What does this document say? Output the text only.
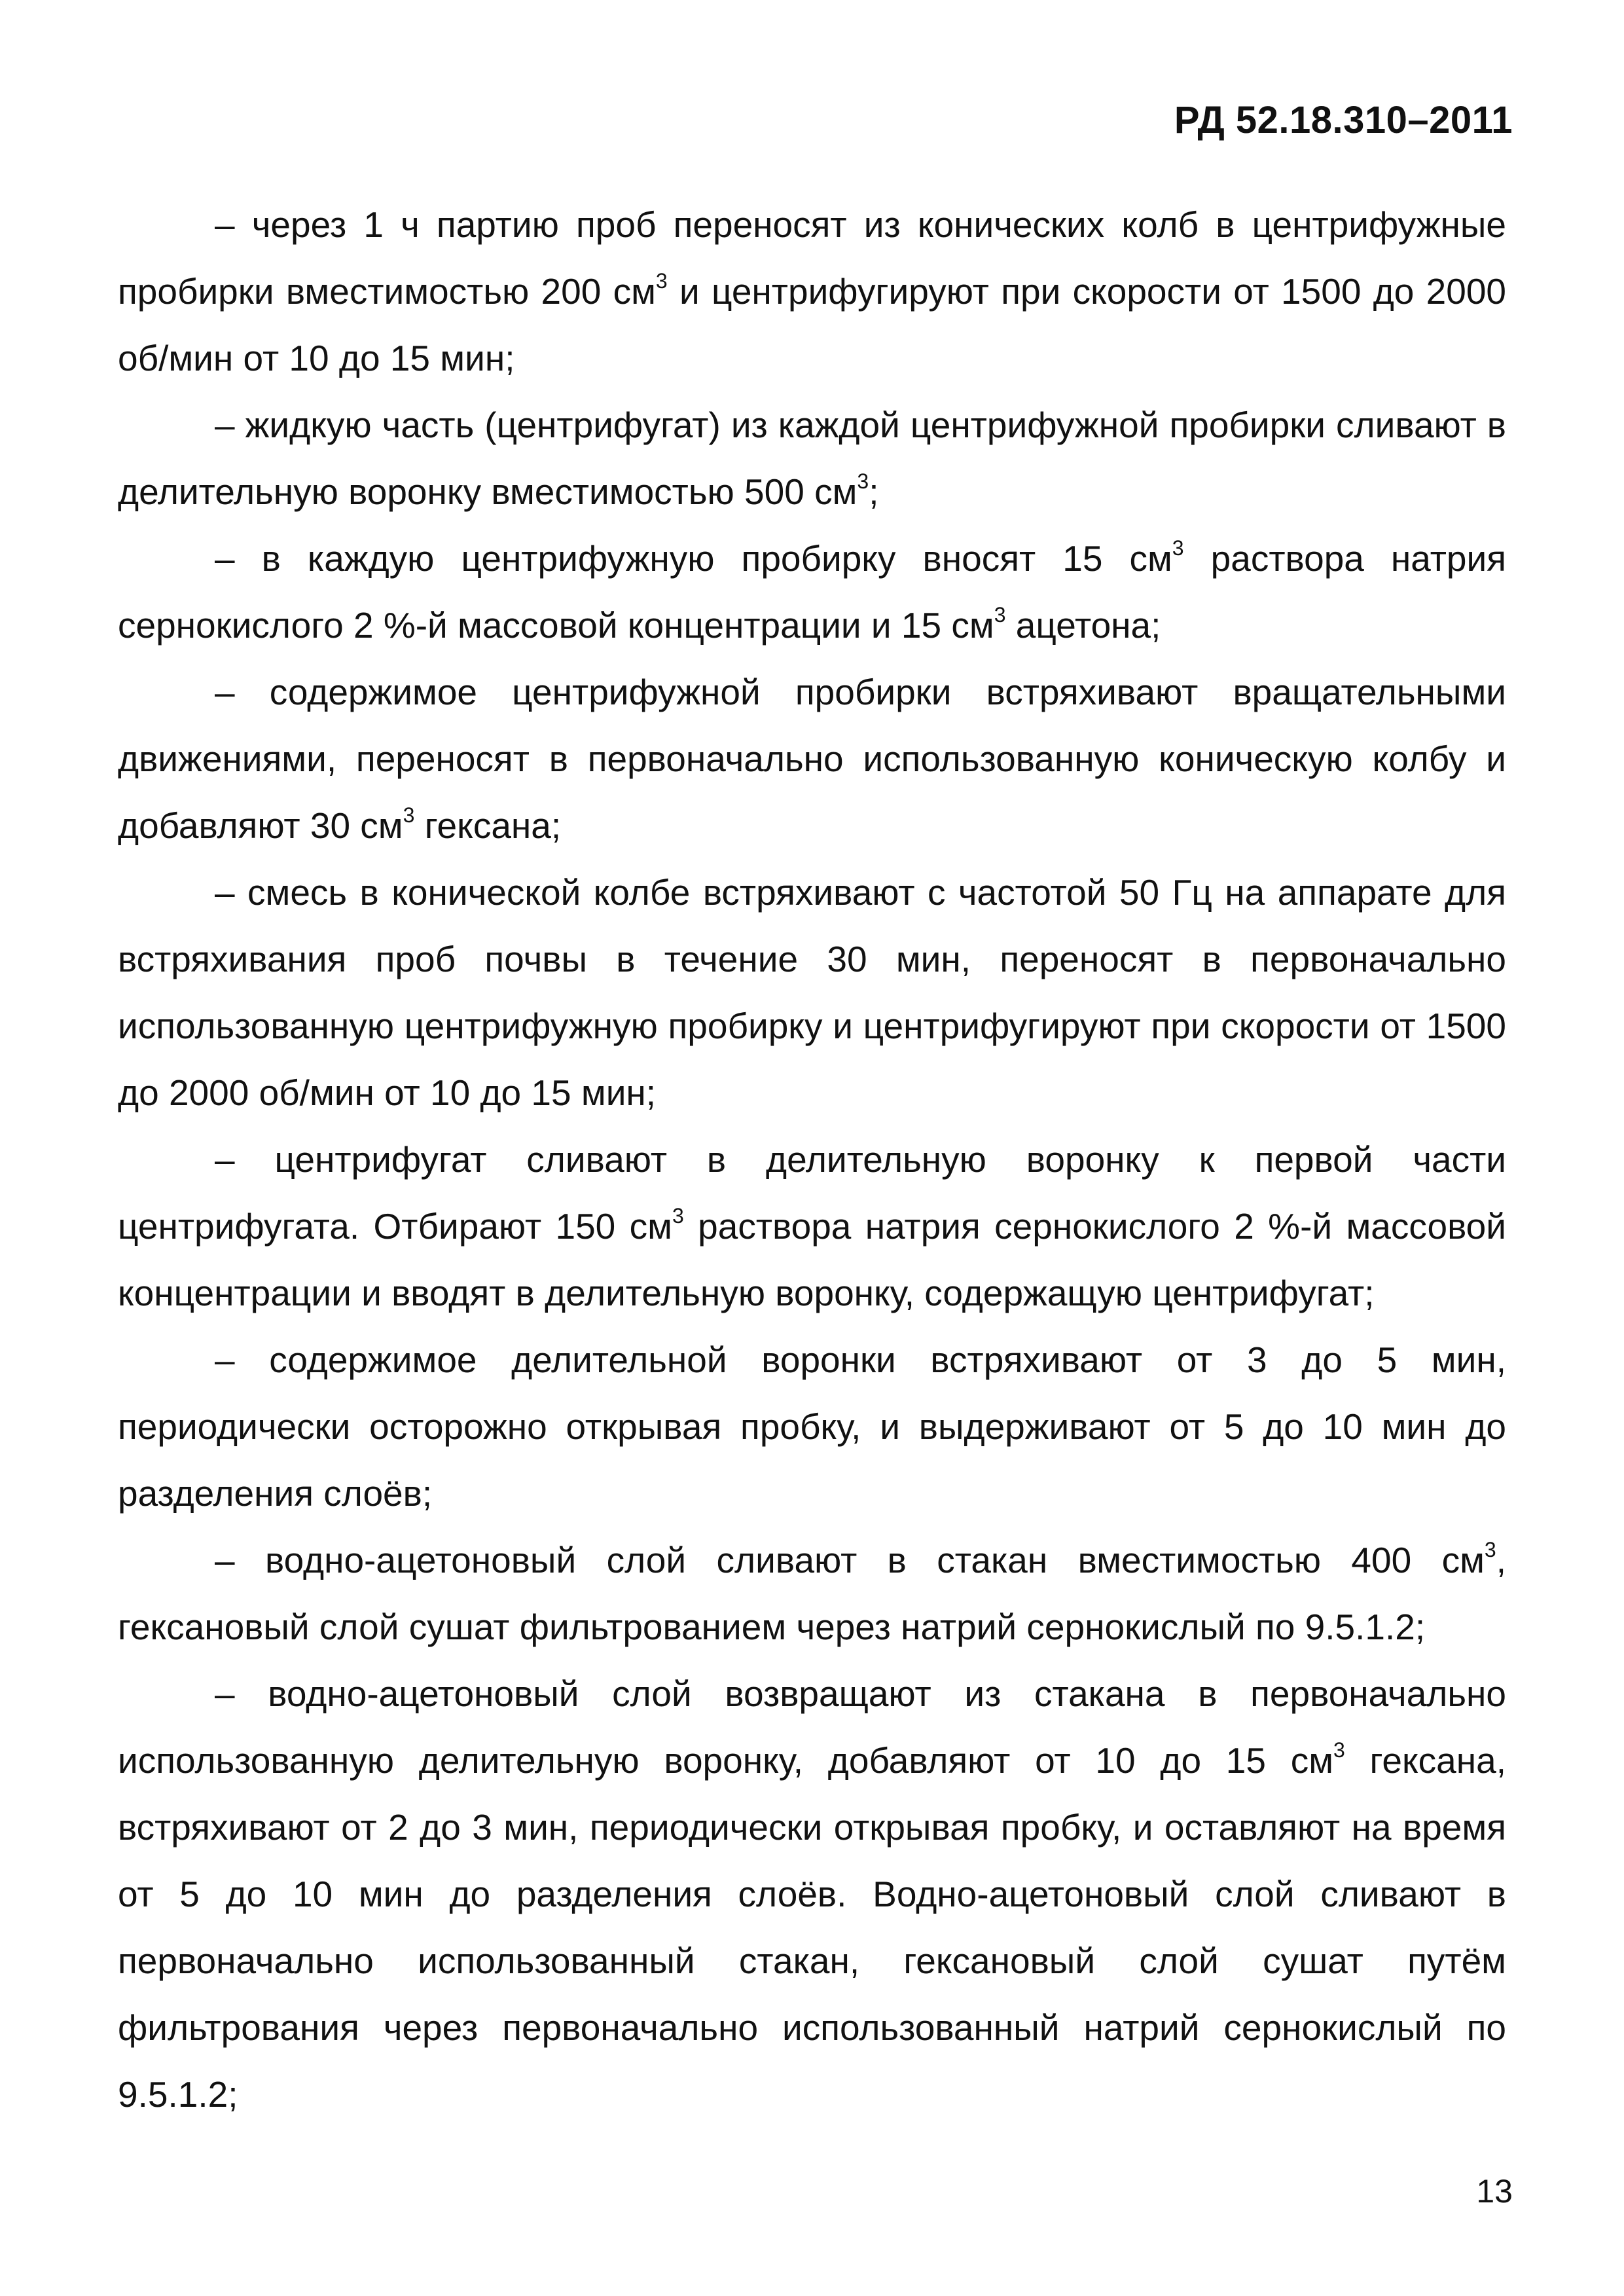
РД 52.18.310–2011

– через 1 ч партию проб переносят из конических колб в центрифужные пробирки вместимостью 200 $см^3$ и центрифугируют при скорости от 1500 до 2000 об/мин от 10 до 15 мин;

– жидкую часть (центрифугат) из каждой центрифужной пробирки сливают в делительную воронку вместимостью 500 $см^3$;

– в каждую центрифужную пробирку вносят 15 $см^3$ раствора натрия сернокислого 2 %-й массовой концентрации и 15 $см^3$ ацетона;

– содержимое центрифужной пробирки встряхивают вращательными движениями, переносят в первоначально использованную коническую колбу и добавляют 30 $см^3$ гексана;

– смесь в конической колбе встряхивают с частотой 50 Гц на аппарате для встряхивания проб почвы в течение 30 мин, переносят в первоначально использованную центрифужную пробирку и центрифугируют при скорости от 1500 до 2000 об/мин от 10 до 15 мин;

– центрифугат сливают в делительную воронку к первой части центрифугата. Отбирают 150 $см^3$ раствора натрия сернокислого 2 %-й массовой концентрации и вводят в делительную воронку, содержащую центрифугат;

– содержимое делительной воронки встряхивают от 3 до 5 мин, периодически осторожно открывая пробку, и выдерживают от 5 до 10 мин до разделения слоёв;

– водно-ацетоновый слой сливают в стакан вместимостью 400 $см^3$, гексановый слой сушат фильтрованием через натрий сернокислый по 9.5.1.2;

– водно-ацетоновый слой возвращают из стакана в первоначально использованную делительную воронку, добавляют от 10 до 15 $см^3$ гексана, встряхивают от 2 до 3 мин, периодически открывая пробку, и оставляют на время от 5 до 10 мин до разделения слоёв. Водно-ацетоновый слой сливают в первоначально использованный стакан, гексановый слой сушат путём фильтрования через первоначально использованный натрий сернокислый по 9.5.1.2;

13
